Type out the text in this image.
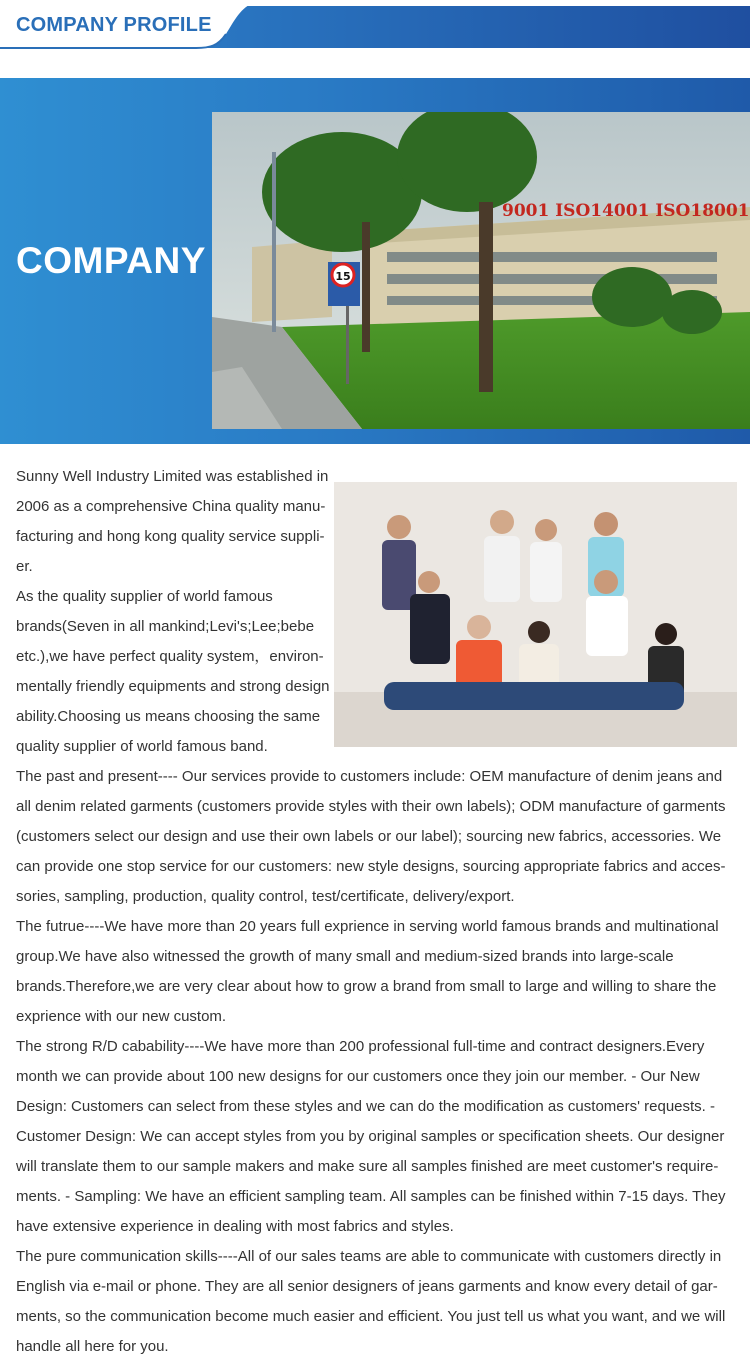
COMPANY PROFILE
COMPANY
9001 ISO14001 ISO18001
15

Sunny Well Industry Limited was established in 2006 as a comprehensive China quality manu-facturing and hong kong quality service suppli-er.

As the quality supplier of world famous brands(Seven in all mankind;Levi's;Lee;bebe etc.),we have perfect quality system，environ-mentally friendly equipments and strong design ability.Choosing us means choosing the same quality supplier of world famous band.

The past and present---- Our services provide to customers include: OEM manufacture of denim jeans and all denim related garments (customers provide styles with their own labels); ODM manufacture of garments (customers select our design and use their own labels or our label); sourcing new fabrics, accessories. We can provide one stop service for our customers: new style designs, sourcing appropriate fabrics and acces-sories, sampling, production, quality control, test/certificate, delivery/export.

The futrue----We have more than 20 years full exprience in serving world famous brands and multinational group.We have also witnessed the growth of many small and medium-sized brands into large-scale brands.Therefore,we are very clear about how to grow a brand from small to large and willing to share the exprience with our new custom.

The strong R/D cabability----We have more than 200 professional full-time and contract designers.Every month we can provide about 100 new designs for our customers once they join our member. - Our New Design: Customers can select from these styles and we can do the modification as customers' requests. - Customer Design: We can accept styles from you by original samples or specification sheets. Our designer will translate them to our sample makers and make sure all samples finished are meet customer's require-ments. - Sampling: We have an efficient sampling team. All samples can be finished within 7-15 days. They have extensive experience in dealing with most fabrics and styles.

The pure communication skills----All of our sales teams are able to communicate with customers directly in English via e-mail or phone. They are all senior designers of jeans garments and know every detail of gar-ments, so the communication become much easier and efficient. You just tell us what you want, and we will handle all here for you.
